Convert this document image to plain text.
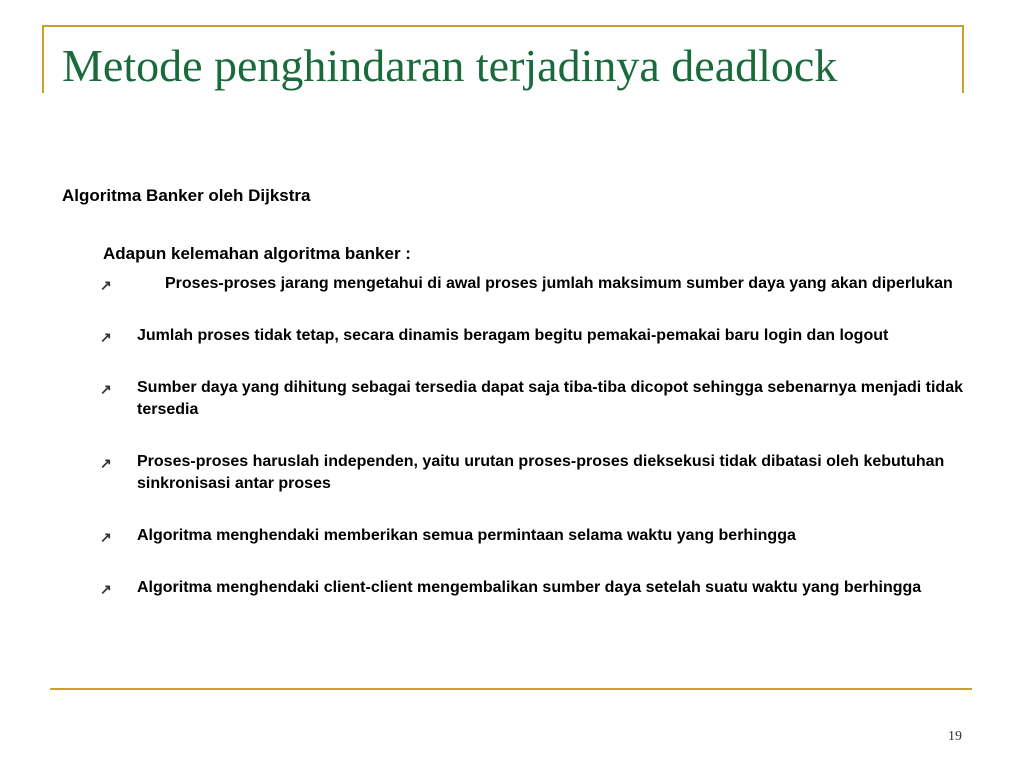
Metode penghindaran terjadinya deadlock
Algoritma Banker oleh Dijkstra
Adapun kelemahan algoritma banker :
↗	Proses-proses jarang mengetahui di awal proses jumlah maksimum sumber daya yang akan diperlukan
↗ Jumlah proses tidak tetap, secara dinamis beragam begitu pemakai-pemakai baru login dan logout
↗ Sumber daya yang dihitung sebagai tersedia dapat saja tiba-tiba dicopot sehingga sebenarnya menjadi tidak tersedia
↗ Proses-proses haruslah independen, yaitu urutan proses-proses dieksekusi tidak dibatasi oleh kebutuhan sinkronisasi antar proses
↗ Algoritma menghendaki memberikan semua permintaan selama waktu yang berhingga
↗ Algoritma menghendaki client-client mengembalikan sumber daya setelah suatu waktu yang berhingga
19
